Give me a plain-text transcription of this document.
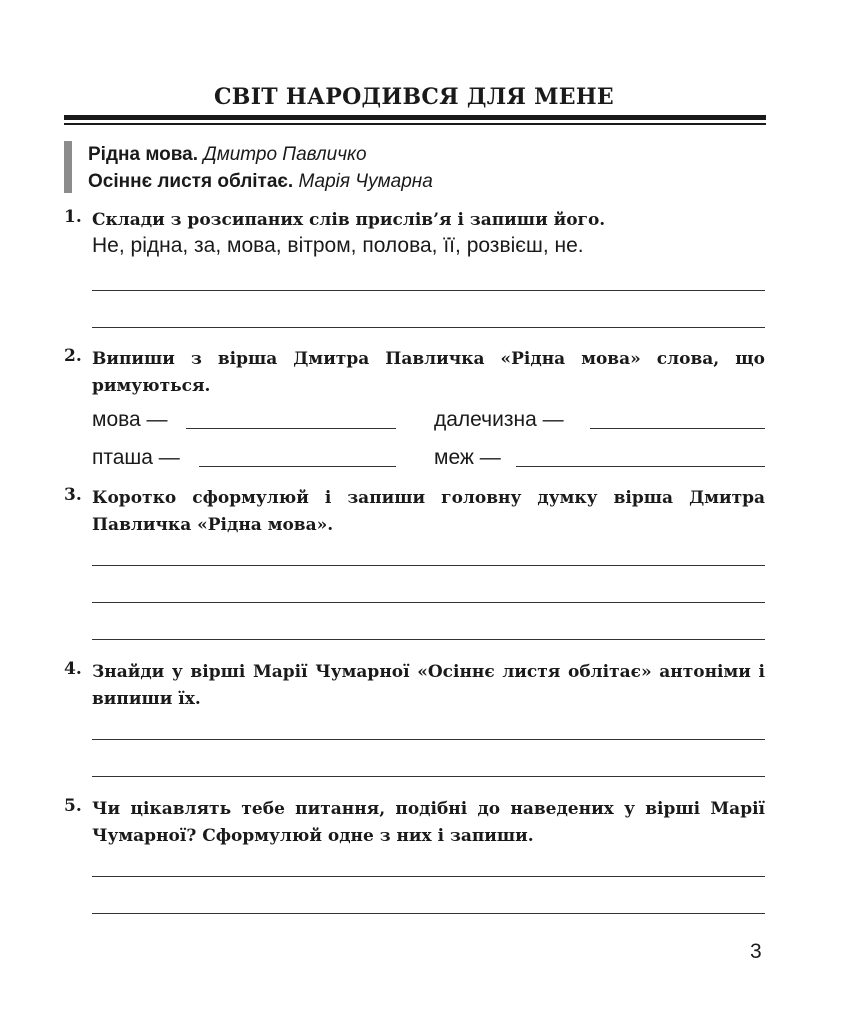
СВІТ НАРОДИВСЯ ДЛЯ МЕНЕ
Рідна мова. Дмитро Павличко
Осіннє листя облітає. Марія Чумарна
1. Склади з розсипаних слів прислів’я і запиши його.
Не, рідна, за, мова, вітром, полова, її, розвієш, не.
2. Випиши з вірша Дмитра Павличка «Рідна мова» слова, що римуються.
мова —	далечизна —
пташа —	меж —
3. Коротко сформулюй і запиши головну думку вірша Дмитра Павличка «Рідна мова».
4. Знайди у вірші Марії Чумарної «Осіннє листя облітає» антоніми і випиши їх.
5. Чи цікавлять тебе питання, подібні до наведених у вірші Марії Чумарної? Сформулюй одне з них і запиши.
3
